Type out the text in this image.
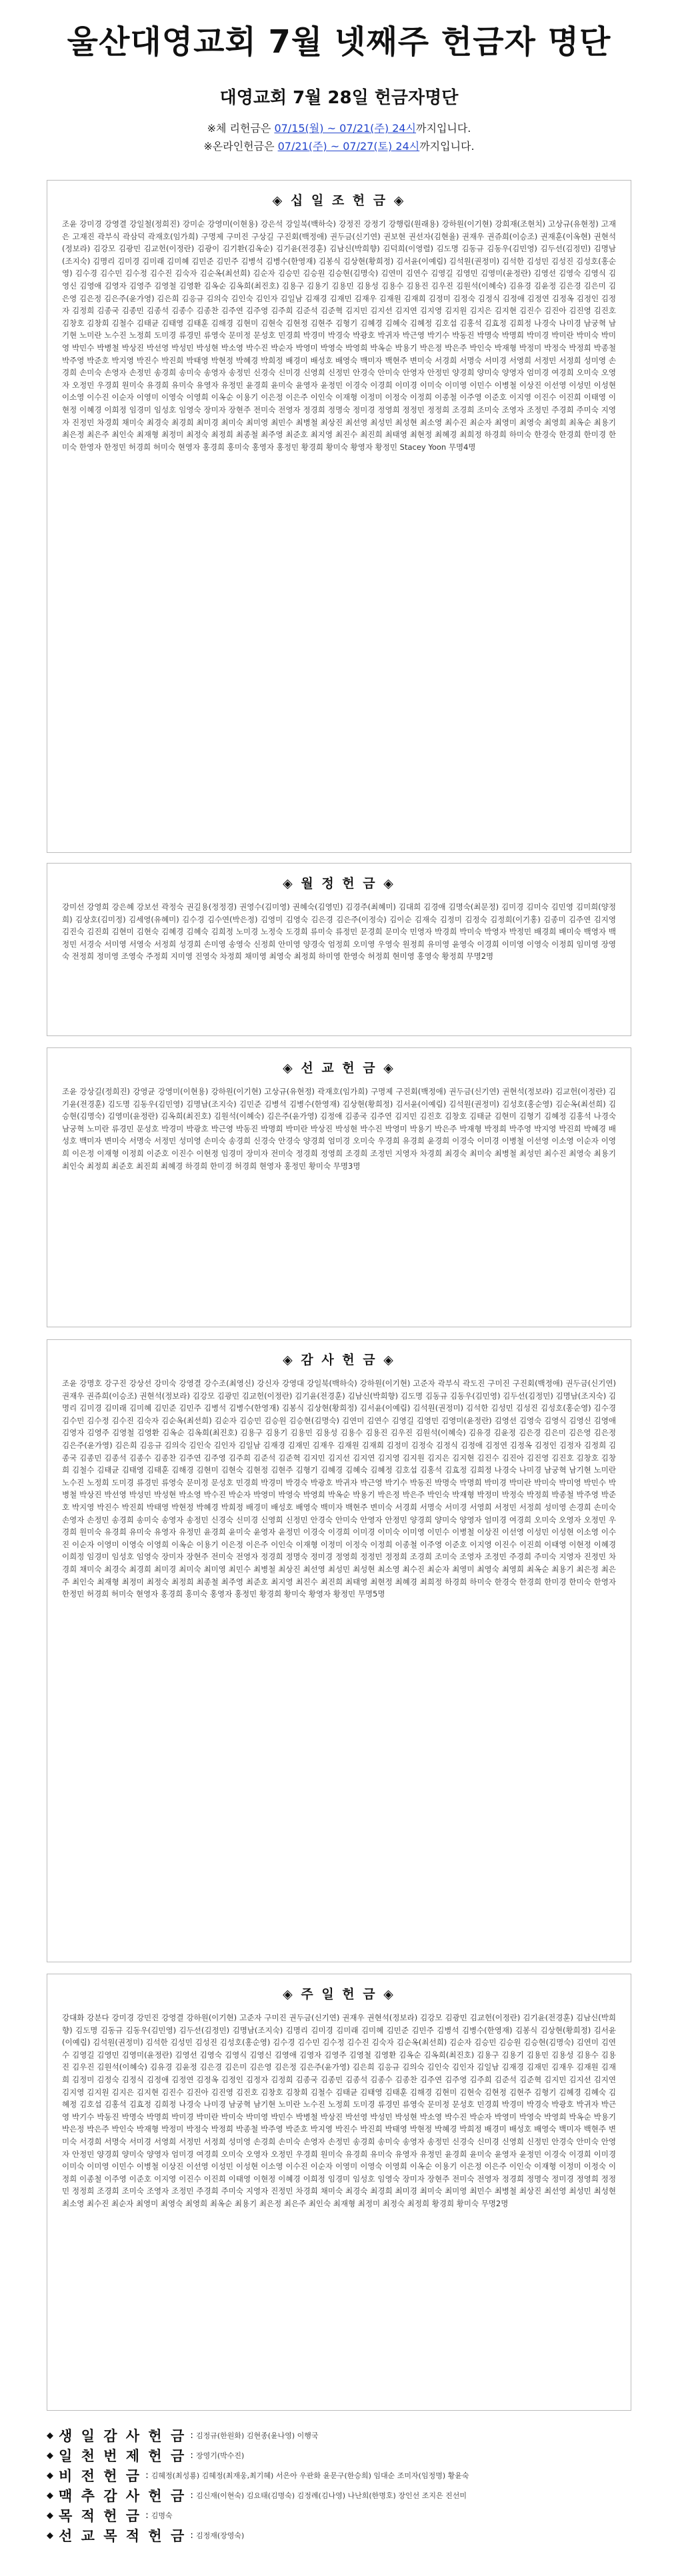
울산대영교회 7월 넷째주 헌금자 명단
대영교회 7월 28일 헌금자명단
※체 리헌금은 07/15(월) ~ 07/21(주) 24시까지입니다.
※온라인헌금은 07/21(주) ~ 07/27(토) 24시까지입니다.
◈ 십 일 조 헌 금 ◈
조윤 강미경 강영결 강일철(정희진) 강미순 강영미(이현용) 강은석 강일북(백하숙) 강정진 강정기 강행림(원래용) 강하원(이기현) 강희재(조현치) 고상규(유현정) 고재은 고재진 곽부식 곽삼덕 곽재호(임가희) 구명제 구미진 구상길 구진회(백정애) 권두금(신기연) 권보현 권선자(김현율) 권재우 권쥬희(이승조) 권재훈(이옥현) 권현석(정보라) 김강모 김광민 김교헌(이정란) 김광이 김기환(김옥순) 김기윤(전경훈) 김남신(박희향) 김덕희(이영렬) 김도명 김동규 김동우(김민영) 김두선(김정민) 김명남(조지숙) 김명리 김미경 김미래 김미혜 김민준 김민주 김병석 김병수(한영재) 김봉식 김상현(황희정) 김서윤(이예림) 김석원(권정미) 김석한 김성민 김성진 김성호(홍순영) 김수경 김수민 김수정 김수진 김숙자 김순옥(최선희) 김순자 김승민 김승원 김승현(김명숙) 김연미 김연수 김영길 김영민 김영미(윤정란) 김영선 김영숙 김영식 김영신 김영애 김영자 김영주 김영철 김영환 김옥순 김옥희(최진호) 김용구 김용기 김용민 김용성 김용수 김용진 김우진 김원석(이혜숙) 김유경 김윤정 김은경 김은미 김은영 김은정 김은주(윤가영) 김은희 김응규 김의숙 김인숙 김인자 김일남 김재경 김재민 김재우 김재원 김재희 김정미 김정숙 김정식 김정애 김정연 김정옥 김정인 김정자 김정희 김종국 김종민 김종석 김종수 김종찬 김주연 김주영 김주희 김준석 김준혁 김지민 김지선 김지연 김지영 김지원 김지은 김지현 김진수 김진아 김진영 김진호 김창호 김창희 김철수 김태균 김태영 김태훈 김해경 김현미 김현숙 김현정 김현주 김형기 김혜경 김혜숙 김혜정 김호섭 김홍석 김효정 김희정 나경숙 나미경 남궁혁 남기현 노미란 노수진 노정희 도미경 류경민 류영숙 문미정 문성호 민경희 박경미 박경숙 박광호 박귀자 박근영 박기수 박동진 박명숙 박명희 박미경 박미란 박미숙 박미영 박민수 박병철 박상진 박선영 박성민 박성현 박소영 박수진 박순자 박영미 박영숙 박영희 박옥순 박용기 박은정 박은주 박인숙 박재형 박정미 박정숙 박정희 박종철 박주영 박준호 박지영 박진수 박진희 박태영 박현정 박혜경 박희정 배경미 배성호 배영숙 백미자 백현주 변미숙 서경희 서명숙 서미경 서영희 서정민 서정희 성미영 손경희 손미숙 손영자 손정민 송경희 송미숙 송영자 송정민 신경숙 신미경 신영희 신정민 안경숙 안미숙 안영자 안정민 양경희 양미숙 양영자 엄미경 여경희 오미숙 오영자 오정민 우경희 원미숙 유경희 유미숙 유영자 유정민 윤경희 윤미숙 윤영자 윤정민 이경숙 이경희 이미경 이미숙 이미영 이민수 이병철 이상진 이선영 이성민 이성현 이소영 이수진 이순자 이영미 이영숙 이영희 이옥순 이용기 이은정 이은주 이인숙 이재형 이정미 이정숙 이정희 이종철 이주영 이준호 이지영 이진수 이진희 이태영 이현정 이혜경 이희정 임경미 임성호 임영숙 장미자 장현주 전미숙 전영자 정경희 정명숙 정미경 정영희 정정민 정정희 조경희 조미숙 조영자 조정민 주경희 주미숙 지영자 진정민 차경희 채미숙 최경숙 최경희 최미경 최미숙 최미영 최민수 최병철 최상진 최선영 최성민 최성현 최소영 최수진 최순자 최영미 최영숙 최영희 최옥순 최용기 최은정 최은주 최인숙 최재형 최정미 최정숙 최정희 최종철 최주영 최준호 최지영 최진수 최진희 최태영 최현정 최혜경 최희정 하경희 하미숙 한경숙 한경희 한미경 한미숙 한영자 한정민 허경희 허미숙 현영자 홍경희 홍미숙 홍영자 홍정민 황경희 황미숙 황영자 황정민 Stacey Yoon 무명4명
◈ 월 정 헌 금 ◈
강미선 강영희 강은혜 강보선 곽정숙 권길용(정정경) 권영수(김미영) 권혜숙(김영민) 김경주(최혜미) 김대희 김경애 김명숙(최문정) 김미경 김미숙 김민영 김미희(양정희) 김상호(김미정) 김세영(유혜미) 김수경 김수연(박은정) 김영미 김영숙 김은경 김은주(이정숙) 김이순 김재숙 김정미 김정숙 김정희(이기홍) 김종미 김주연 김지영 김진숙 김진희 김현미 김현숙 김혜경 김혜숙 김희정 노미경 노정숙 도경희 류미숙 류정민 문경희 문미숙 민영자 박경희 박미숙 박영자 박정민 배경희 배미숙 백영자 백정민 서경숙 서미영 서영숙 서정희 성경희 손미영 송영숙 신정희 안미영 양경숙 엄정희 오미영 우영숙 원정희 유미영 윤영숙 이경희 이미영 이영숙 이정희 임미영 장영숙 전정희 정미영 조영숙 주정희 지미영 진영숙 차정희 채미영 최영숙 최정희 하미영 한영숙 허정희 현미영 홍영숙 황정희 무명2명
◈ 선 교 헌 금 ◈
조윤 강상길(정희진) 강영균 강영미(이현용) 강하원(이기현) 고상규(유현정) 곽재호(임가희) 구명제 구진회(백정애) 권두금(신기연) 권현석(정보라) 김교헌(이정란) 김기윤(전경훈) 김도명 김동우(김민영) 김명남(조지숙) 김민준 김병석 김병수(한영재) 김상현(황희정) 김서윤(이예림) 김석원(권정미) 김성호(홍순영) 김순옥(최선희) 김승현(김명숙) 김영미(윤정란) 김옥희(최진호) 김원석(이혜숙) 김은주(윤가영) 김정애 김종국 김주연 김지민 김진호 김창호 김태균 김현미 김형기 김혜정 김홍석 나경숙 남궁혁 노미란 류경민 문성호 박경미 박광호 박근영 박동진 박명희 박미란 박상진 박성현 박수진 박영미 박용기 박은주 박재형 박정희 박주영 박지영 박진희 박혜경 배성호 백미자 변미숙 서명숙 서정민 성미영 손미숙 송경희 신경숙 안경숙 양경희 엄미경 오미숙 우경희 유경희 윤경희 이경숙 이미경 이병철 이선영 이소영 이순자 이영희 이은정 이재형 이정희 이준호 이진수 이현정 임경미 장미자 전미숙 정경희 정영희 조경희 조정민 지영자 차경희 최경숙 최미숙 최병철 최성민 최수진 최영숙 최용기 최인숙 최정희 최준호 최진희 최혜경 하경희 한미경 허경희 현영자 홍정민 황미숙 무명3명
◈ 감 사 헌 금 ◈
조윤 강명호 강구진 강상선 강미숙 강영결 강수조(최영신) 강신자 강영대 강일북(백하숙) 강하원(이기현) 고준자 곽부식 곽도진 구미진 구진회(백정애) 권두금(신기연) 권재우 권쥬희(이승조) 권현석(정보라) 김강모 김광민 김교헌(이정란) 김기윤(전경훈) 김남신(박희향) 김도명 김동규 김동우(김민영) 김두선(김정민) 김명남(조지숙) 김명리 김미경 김미래 김미혜 김민준 김민주 김병석 김병수(한영재) 김봉식 김상현(황희정) 김서윤(이예림) 김석원(권정미) 김석한 김성민 김성진 김성호(홍순영) 김수경 김수민 김수정 김수진 김숙자 김순옥(최선희) 김순자 김승민 김승원 김승현(김명숙) 김연미 김연수 김영길 김영민 김영미(윤정란) 김영선 김영숙 김영식 김영신 김영애 김영자 김영주 김영철 김영환 김옥순 김옥희(최진호) 김용구 김용기 김용민 김용성 김용수 김용진 김우진 김원석(이혜숙) 김유경 김윤정 김은경 김은미 김은영 김은정 김은주(윤가영) 김은희 김응규 김의숙 김인숙 김인자 김일남 김재경 김재민 김재우 김재원 김재희 김정미 김정숙 김정식 김정애 김정연 김정옥 김정인 김정자 김정희 김종국 김종민 김종석 김종수 김종찬 김주연 김주영 김주희 김준석 김준혁 김지민 김지선 김지연 김지영 김지원 김지은 김지현 김진수 김진아 김진영 김진호 김창호 김창희 김철수 김태균 김태영 김태훈 김해경 김현미 김현숙 김현정 김현주 김형기 김혜경 김혜숙 김혜정 김호섭 김홍석 김효정 김희정 나경숙 나미경 남궁혁 남기현 노미란 노수진 노정희 도미경 류경민 류영숙 문미정 문성호 민경희 박경미 박경숙 박광호 박귀자 박근영 박기수 박동진 박명숙 박명희 박미경 박미란 박미숙 박미영 박민수 박병철 박상진 박선영 박성민 박성현 박소영 박수진 박순자 박영미 박영숙 박영희 박옥순 박용기 박은정 박은주 박인숙 박재형 박정미 박정숙 박정희 박종철 박주영 박준호 박지영 박진수 박진희 박태영 박현정 박혜경 박희정 배경미 배성호 배영숙 백미자 백현주 변미숙 서경희 서명숙 서미경 서영희 서정민 서정희 성미영 손경희 손미숙 손영자 손정민 송경희 송미숙 송영자 송정민 신경숙 신미경 신영희 신정민 안경숙 안미숙 안영자 안정민 양경희 양미숙 양영자 엄미경 여경희 오미숙 오영자 오정민 우경희 원미숙 유경희 유미숙 유영자 유정민 윤경희 윤미숙 윤영자 윤정민 이경숙 이경희 이미경 이미숙 이미영 이민수 이병철 이상진 이선영 이성민 이성현 이소영 이수진 이순자 이영미 이영숙 이영희 이옥순 이용기 이은정 이은주 이인숙 이재형 이정미 이정숙 이정희 이종철 이주영 이준호 이지영 이진수 이진희 이태영 이현정 이혜경 이희정 임경미 임성호 임영숙 장미자 장현주 전미숙 전영자 정경희 정명숙 정미경 정영희 정정민 정정희 조경희 조미숙 조영자 조정민 주경희 주미숙 지영자 진정민 차경희 채미숙 최경숙 최경희 최미경 최미숙 최미영 최민수 최병철 최상진 최선영 최성민 최성현 최소영 최수진 최순자 최영미 최영숙 최영희 최옥순 최용기 최은정 최은주 최인숙 최재형 최정미 최정숙 최정희 최종철 최주영 최준호 최지영 최진수 최진희 최태영 최현정 최혜경 최희정 하경희 하미숙 한경숙 한경희 한미경 한미숙 한영자 한정민 허경희 허미숙 현영자 홍경희 홍미숙 홍영자 홍정민 황경희 황미숙 황영자 황정민 무명5명
◈ 주 일 헌 금 ◈
강대화 강분다 강미경 강민진 강영결 강하원(이기현) 고준자 구미진 권두금(신기연) 권재우 권현석(정보라) 김강모 김광민 김교헌(이정란) 김기윤(전경훈) 김남신(박희향) 김도명 김동규 김동우(김민영) 김두선(김정민) 김명남(조지숙) 김명리 김미경 김미래 김미혜 김민준 김민주 김병석 김병수(한영재) 김봉식 김상현(황희정) 김서윤(이예림) 김석원(권정미) 김석한 김성민 김성진 김성호(홍순영) 김수경 김수민 김수정 김수진 김숙자 김순옥(최선희) 김순자 김승민 김승원 김승현(김명숙) 김연미 김연수 김영길 김영민 김영미(윤정란) 김영선 김영숙 김영식 김영신 김영애 김영자 김영주 김영철 김영환 김옥순 김옥희(최진호) 김용구 김용기 김용민 김용성 김용수 김용진 김우진 김원석(이혜숙) 김유경 김윤정 김은경 김은미 김은영 김은정 김은주(윤가영) 김은희 김응규 김의숙 김인숙 김인자 김일남 김재경 김재민 김재우 김재원 김재희 김정미 김정숙 김정식 김정애 김정연 김정옥 김정인 김정자 김정희 김종국 김종민 김종석 김종수 김종찬 김주연 김주영 김주희 김준석 김준혁 김지민 김지선 김지연 김지영 김지원 김지은 김지현 김진수 김진아 김진영 김진호 김창호 김창희 김철수 김태균 김태영 김태훈 김해경 김현미 김현숙 김현정 김현주 김형기 김혜경 김혜숙 김혜정 김호섭 김홍석 김효정 김희정 나경숙 나미경 남궁혁 남기현 노미란 노수진 노정희 도미경 류경민 류영숙 문미정 문성호 민경희 박경미 박경숙 박광호 박귀자 박근영 박기수 박동진 박명숙 박명희 박미경 박미란 박미숙 박미영 박민수 박병철 박상진 박선영 박성민 박성현 박소영 박수진 박순자 박영미 박영숙 박영희 박옥순 박용기 박은정 박은주 박인숙 박재형 박정미 박정숙 박정희 박종철 박주영 박준호 박지영 박진수 박진희 박태영 박현정 박혜경 박희정 배경미 배성호 배영숙 백미자 백현주 변미숙 서경희 서명숙 서미경 서영희 서정민 서정희 성미영 손경희 손미숙 손영자 손정민 송경희 송미숙 송영자 송정민 신경숙 신미경 신영희 신정민 안경숙 안미숙 안영자 안정민 양경희 양미숙 양영자 엄미경 여경희 오미숙 오영자 오정민 우경희 원미숙 유경희 유미숙 유영자 유정민 윤경희 윤미숙 윤영자 윤정민 이경숙 이경희 이미경 이미숙 이미영 이민수 이병철 이상진 이선영 이성민 이성현 이소영 이수진 이순자 이영미 이영숙 이영희 이옥순 이용기 이은정 이은주 이인숙 이재형 이정미 이정숙 이정희 이종철 이주영 이준호 이지영 이진수 이진희 이태영 이현정 이혜경 이희정 임경미 임성호 임영숙 장미자 장현주 전미숙 전영자 정경희 정명숙 정미경 정영희 정정민 정정희 조경희 조미숙 조영자 조정민 주경희 주미숙 지영자 진정민 차경희 채미숙 최경숙 최경희 최미경 최미숙 최미영 최민수 최병철 최상진 최선영 최성민 최성현 최소영 최수진 최순자 최영미 최영숙 최영희 최옥순 최용기 최은정 최은주 최인숙 최재형 최정미 최정숙 최정희 황경희 황미숙 무명2명
◆ 생 일 감 사 헌 금 : 김정규(한원화) 김현종(윤나영) 이행국
◆ 일 천 번 제 헌 금 : 장영기(박수진)
◆ 비 전 헌 금 : 김혜정(최성룡) 김혜정(최재웅,최기혜) 서은아 우판화 윤문구(한승희) 임대순 조미자(임정명) 황윤숙
◆ 맥 추 감 사 헌 금 : 김신재(이현숙) 김요태(김명숙) 김정례(김나영) 나난희(한명호) 장인선 조지은 진선미
◆ 목 적 헌 금 : 김명숙
◆ 선 교 목 적 헌 금 : 김정재(장영숙)
